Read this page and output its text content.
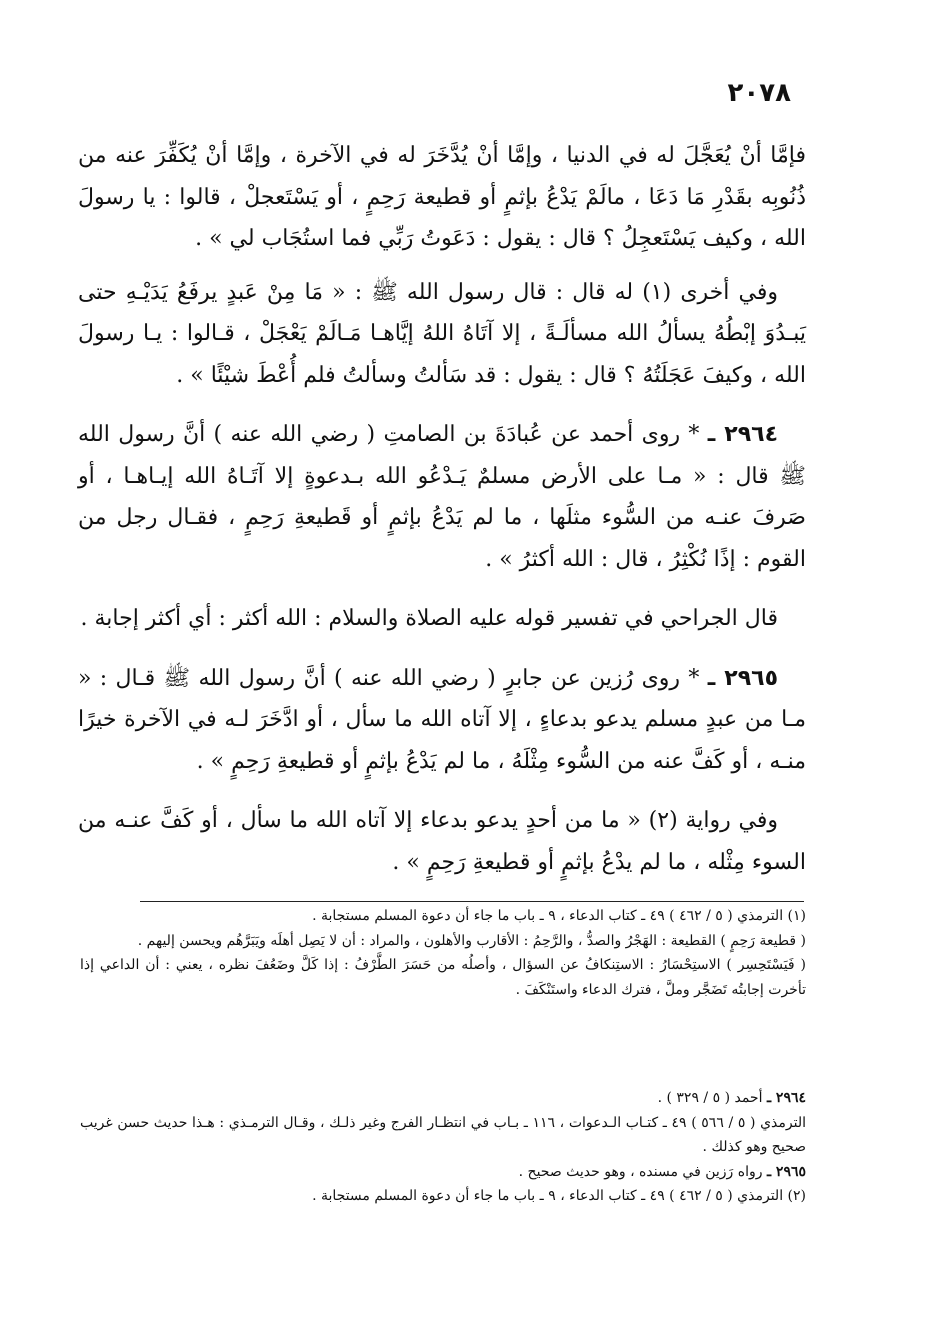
٢٠٧٨

فإمَّا أنْ يُعَجَّلَ له في الدنيا ، وإمَّا أنْ يُدَّخَرَ له في الآخرة ، وإمَّا أنْ يُكَفِّرَ عنه من ذُنُوبِه بقَدْرِ مَا دَعَا ، مالَمْ يَدْعُ بإثمٍ أو قطيعة رَحِمٍ ، أو يَسْتَعجلْ ، قالوا : يا رسولَ الله ، وكيف يَسْتَعجِلُ ؟ قال : يقول : دَعَوتُ رَبِّي فما استُجَاب لي » .

وفي أخرى (١) له قال : قال رسول الله ﷺ : « مَا مِنْ عَبدٍ يرفَعُ يَدَيْـهِ حتى يَبـدُوَ إبْطُهُ يسألُ الله مسألَـةً ، إلا آتَاهُ اللهُ إيَّاهـا مَـالَمْ يَعْجَلْ ، قـالوا : يـا رسولَ الله ، وكيفَ عَجَلَتُهُ ؟ قال : يقول : قد سَألتُ وسألتُ فلم أُعْطَ شيْئًا » .

٢٩٦٤ ـ * روى أحمد عن عُبادَةَ بن الصامتِ ( رضي الله عنه ) أنَّ رسول الله ﷺ قال : « مـا على الأرض مسلمٌ يَـدْعُو الله بـدعوةٍ إلا آتَـاهُ الله إيـاهـا ، أو صَرفَ عنـه من السُّوء مثلَها ، ما لم يَدْعُ بإثمٍ أو قَطيعةِ رَحِمٍ ، فقـال رجل من القوم : إذًا نُكْثِرُ ، قال : الله أكثرُ » .

قال الجراحي في تفسير قوله عليه الصلاة والسلام : الله أكثر : أي أكثر إجابة .

٢٩٦٥ ـ * روى رُزين عن جابرٍ ( رضي الله عنه ) أنَّ رسول الله ﷺ قـال : « مـا من عبدٍ مسلم يدعو بدعاءٍ ، إلا آتاه الله ما سأل ، أو ادَّخَرَ لـه في الآخرة خيرًا منـه ، أو كَفَّ عنه من السُّوء مِثْلَهُ ، ما لم يَدْعُ بإثمٍ أو قطيعةِ رَحِمٍ » .

وفي رواية (٢) « ما من أحدٍ يدعو بدعاء إلا آتاه الله ما سأل ، أو كَفَّ عنـه من السوء مِثْله ، ما لم يدْعُ بإثمٍ أو قطيعةِ رَحِمٍ » .

(١) الترمذي ( ٥ / ٤٦٢ ) ٤٩ ـ كتاب الدعاء ، ٩ ـ باب ما جاء أن دعوة المسلم مستجابة .

( قطيعة رَحِمٍ ) القطيعة : الهَجْرُ والصدُّ ، والرَّحِمُ : الأقارب والأهلون ، والمراد : أن لا يَصِل أهلَه ويَبَرَّهُم ويحسن إليهم .

( فَيَسْتَحِسِر ) الاستِحْسَارُ : الاستِنكافُ عن السؤال ، وأصلُه من حَسَرَ الطَّرْفُ : إذا كَلَّ وضَعُفَ نظره ، يعني : أن الداعي إذا تأخرت إجابتُه تَضَجَّر وملَّ ، فترك الدعاء واستَنْكَفَ .

٢٩٦٤ ـ أحمد ( ٥ / ٣٢٩ ) .

الترمذي ( ٥ / ٥٦٦ ) ٤٩ ـ كتـاب الـدعوات ، ١١٦ ـ بـاب في انتظـار الفرج وغير ذلـك ، وقـال الترمـذي : هـذا حديث حسن غريب صحيح وهو كذلك .

٢٩٦٥ ـ رواه رَزين في مسنده ، وهو حديث صحيح .

(٢) الترمذي ( ٥ / ٤٦٢ ) ٤٩ ـ كتاب الدعاء ، ٩ ـ باب ما جاء أن دعوة المسلم مستجابة .
